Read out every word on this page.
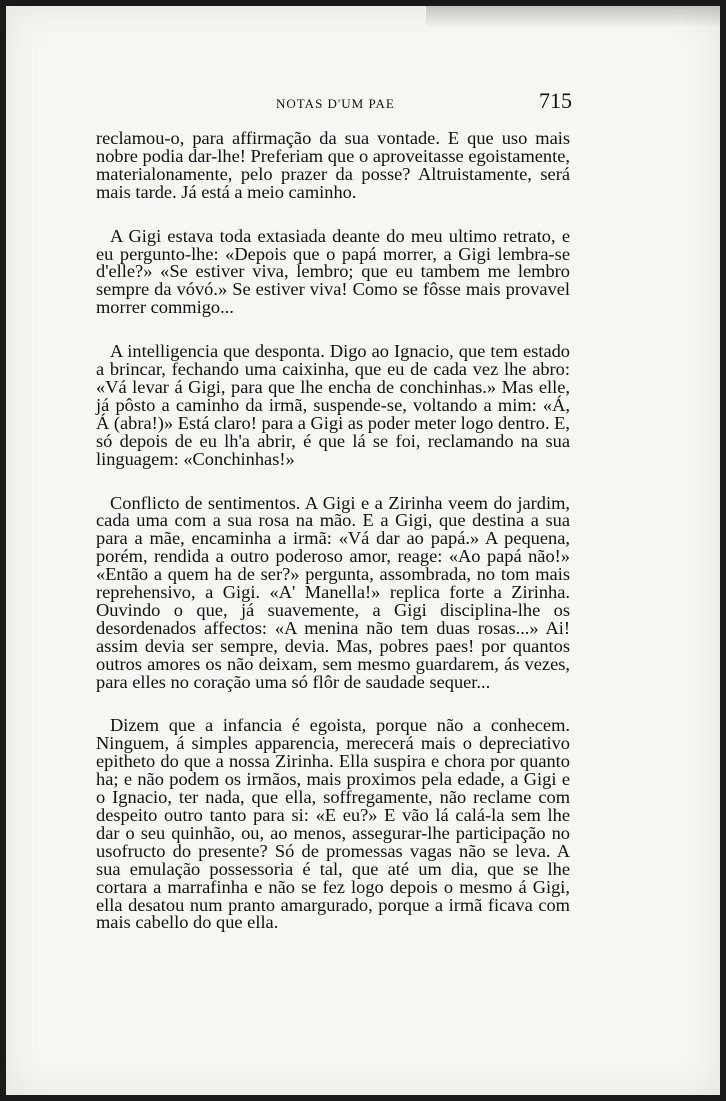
NOTAS D'UM PAE	715

reclamou-o, para affirmação da sua vontade. E que uso mais nobre podia dar-lhe! Preferiam que o aproveitasse egoistamente, materialonamente, pelo prazer da posse? Altruistamente, será mais tarde. Já está a meio caminho.

A Gigi estava toda extasiada deante do meu ultimo retrato, e eu pergunto-lhe: «Depois que o papá morrer, a Gigi lembra-se d'elle?» «Se estiver viva, lembro; que eu tambem me lembro sempre da vóvó.» Se estiver viva! Como se fôsse mais provavel morrer commigo...

A intelligencia que desponta. Digo ao Ignacio, que tem estado a brincar, fechando uma caixinha, que eu de cada vez lhe abro: «Vá levar á Gigi, para que lhe encha de conchinhas.» Mas elle, já pôsto a caminho da irmã, suspende-se, voltando a mim: «Á, Á (abra!)» Está claro! para a Gigi as poder meter logo dentro. E, só depois de eu lh'a abrir, é que lá se foi, reclamando na sua linguagem: «Conchinhas!»

Conflicto de sentimentos. A Gigi e a Zirinha veem do jardim, cada uma com a sua rosa na mão. E a Gigi, que destina a sua para a mãe, encaminha a irmã: «Vá dar ao papá.» A pequena, porém, rendida a outro poderoso amor, reage: «Ao papá não!» «Então a quem ha de ser?» pergunta, assombrada, no tom mais reprehensivo, a Gigi. «A' Manella!» replica forte a Zirinha. Ouvindo o que, já suavemente, a Gigi disciplina-lhe os desordenados affectos: «A menina não tem duas rosas...» Ai! assim devia ser sempre, devia. Mas, pobres paes! por quantos outros amores os não deixam, sem mesmo guardarem, ás vezes, para elles no coração uma só flôr de saudade sequer...

Dizem que a infancia é egoista, porque não a conhecem. Ninguem, á simples apparencia, merecerá mais o depreciativo epitheto do que a nossa Zirinha. Ella suspira e chora por quanto ha; e não podem os irmãos, mais proximos pela edade, a Gigi e o Ignacio, ter nada, que ella, soffregamente, não reclame com despeito outro tanto para si: «E eu?» E vão lá calá-la sem lhe dar o seu quinhão, ou, ao menos, assegurar-lhe participação no usofructo do presente? Só de promessas vagas não se leva. A sua emulação possessoria é tal, que até um dia, que se lhe cortara a marrafinha e não se fez logo depois o mesmo á Gigi, ella desatou num pranto amargurado, porque a irmã ficava com mais cabello do que ella.
